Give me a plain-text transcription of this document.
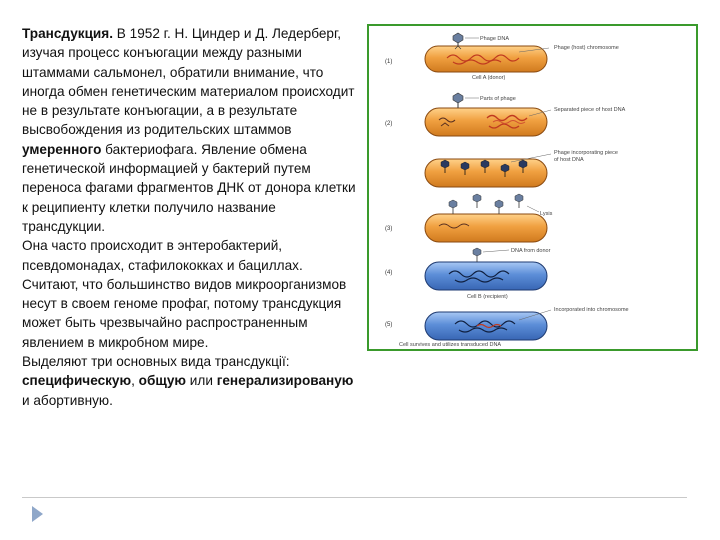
Трансдукция. В 1952 г. Н. Циндер и Д. Ледерберг, изучая процесс конъюгации между разными штаммами сальмонел, обратили внимание, что иногда обмен генетическим материалом происходит не в результате конъюгации, а в результате высвобождения из родительских штаммов умеренного бактериофага. Явление обмена генетической информацией у бактерий путем переноса фагами фрагментов ДНК от донора клетки к реципиенту клетки получило название трансдукции.

Она часто происходит в энтеробактерий, псевдомонадах, стафилококках и бациллах. Считают, что большинство видов микроорганизмов несут в своем геноме профаг, потому трансдукция может быть чрезвычайно распространенным явлением в микробном мире.

Выделяют три основных вида трансдукції: специфическую, общую или генерализированую и абортивную.

(1)
(2)
(3)
(4)
(5)
Phage DNA
Phage (host) chromosome
Cell A (donor)
Parts of phage
Separated piece of host DNA
Phage incorporating piece
of host DNA
Lysis
DNA from donor
Cell B (recipient)
Incorporated into chromosome
Cell survives and utilizes transduced DNA
